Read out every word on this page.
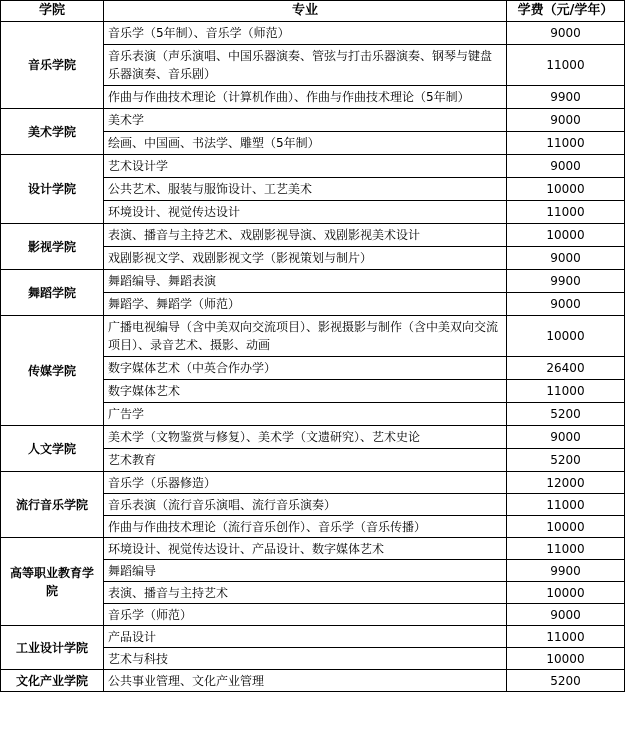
学院	专业	学费（元/学年）
音乐学院	音乐学（5年制）、音乐学（师范）	9000
	音乐表演（声乐演唱、中国乐器演奏、管弦与打击乐器演奏、钢琴与键盘乐器演奏、音乐剧）	11000
	作曲与作曲技术理论（计算机作曲）、作曲与作曲技术理论（5年制）	9900
美术学院	美术学	9000
	绘画、中国画、书法学、雕塑（5年制）	11000
设计学院	艺术设计学	9000
	公共艺术、服装与服饰设计、工艺美术	10000
	环境设计、视觉传达设计	11000
影视学院	表演、播音与主持艺术、戏剧影视导演、戏剧影视美术设计	10000
	戏剧影视文学、戏剧影视文学（影视策划与制片）	9000
舞蹈学院	舞蹈编导、舞蹈表演	9900
	舞蹈学、舞蹈学（师范）	9000
传媒学院	广播电视编导（含中美双向交流项目）、影视摄影与制作（含中美双向交流项目）、录音艺术、摄影、动画	10000
	数字媒体艺术（中英合作办学）	26400
	数字媒体艺术	11000
	广告学	5200
人文学院	美术学（文物鉴赏与修复）、美术学（文遗研究）、艺术史论	9000
	艺术教育	5200
流行音乐学院	音乐学（乐器修造）	12000
	音乐表演（流行音乐演唱、流行音乐演奏）	11000
	作曲与作曲技术理论（流行音乐创作）、音乐学（音乐传播）	10000
高等职业教育学院	环境设计、视觉传达设计、产品设计、数字媒体艺术	11000
	舞蹈编导	9900
	表演、播音与主持艺术	10000
	音乐学（师范）	9000
工业设计学院	产品设计	11000
	艺术与科技	10000
文化产业学院	公共事业管理、文化产业管理	5200
